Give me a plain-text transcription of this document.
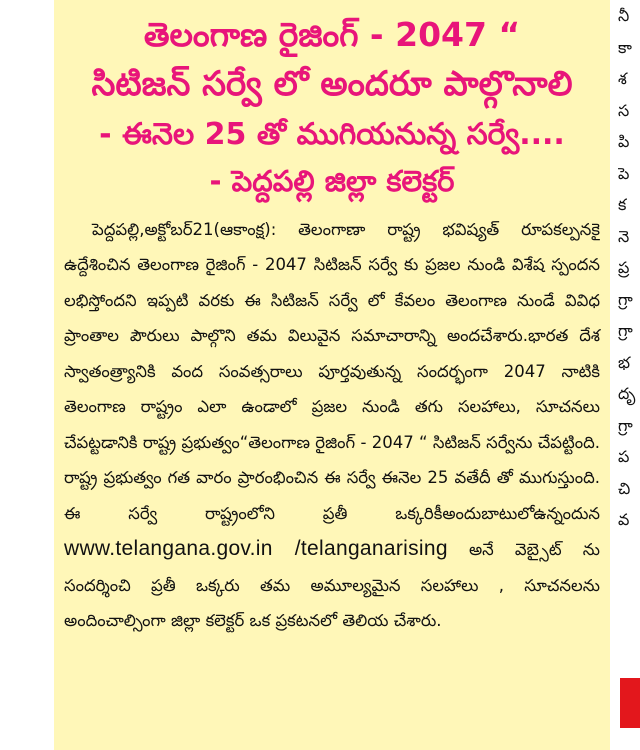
తెలంగాణ రైజింగ్ - 2047 “
సిటిజన్ సర్వే లో అందరూ పాల్గొనాలి
- ఈనెల 25 తో ముగియనున్న సర్వే....
- పెద్దపల్లి జిల్లా కలెక్టర్
పెద్దపల్లి,అక్టోబర్21(ఆకాంక్ష): తెలంగాణా రాష్ట్ర భవిష్యత్ రూపకల్పనకై ఉద్దేశించిన తెలంగాణ రైజింగ్ - 2047 సిటిజన్ సర్వే కు ప్రజల నుండి విశేష స్పందన లభిస్తోందని ఇప్పటి వరకు ఈ సిటిజన్ సర్వే లో కేవలం తెలంగాణ నుండే వివిధ ప్రాంతాల పౌరులు పాల్గొని తమ విలువైన సమాచారాన్ని అందచేశారు.భారత దేశ స్వాతంత్ర్యానికి వంద సంవత్సరాలు పూర్తవుతున్న సందర్భంగా 2047 నాటికి తెలంగాణ రాష్ట్రం ఎలా ఉండాలో ప్రజల నుండి తగు సలహాలు, సూచనలు చేపట్టడానికి రాష్ట్ర ప్రభుత్వం“తెలంగాణ రైజింగ్ - 2047 “ సిటిజన్ సర్వేను చేపట్టింది. రాష్ట్ర ప్రభుత్వం గత వారం ప్రారంభించిన ఈ సర్వే ఈనెల 25 వతేదీ తో ముగుస్తుంది. ఈ సర్వే రాష్ట్రంలోని ప్రతీ ఒక్కరికీఅందుబాటులోఉన్నందున www.telangana.gov.in /telanganarising అనే వెబ్సైట్ ను సందర్శించి ప్రతీ ఒక్కరు తమ అమూల్యమైన సలహాలు , సూచనలను అందించాల్సింగా జిల్లా కలెక్టర్ ఒక ప్రకటనలో తెలియ చేశారు.
నీ
కా
శ
స
పి
పె
క
నె
ప్ర
గ్రా
గ్రా
భ
దృ
గ్రా
ప
చి
వ
